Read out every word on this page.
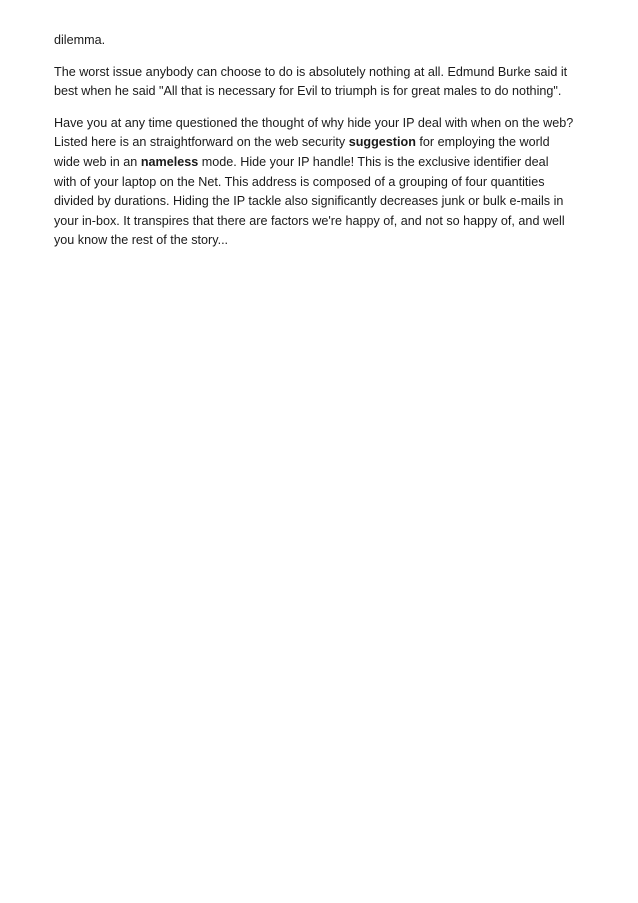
dilemma.

The worst issue anybody can choose to do is absolutely nothing at all. Edmund Burke said it
best when he said "All that is necessary for Evil to triumph is for great males to do nothing".

Have you at any time questioned the thought of why hide your IP deal with when on the web?
Listed here is an straightforward on the web security suggestion for employing the world
wide web in an nameless mode. Hide your IP handle! This is the exclusive identifier deal
with of your laptop on the Net. This address is composed of a grouping of four quantities
divided by durations. Hiding the IP tackle also significantly decreases junk or bulk e-mails in
your in-box. It transpires that there are factors we're happy of, and not so happy of, and well
you know the rest of the story...
